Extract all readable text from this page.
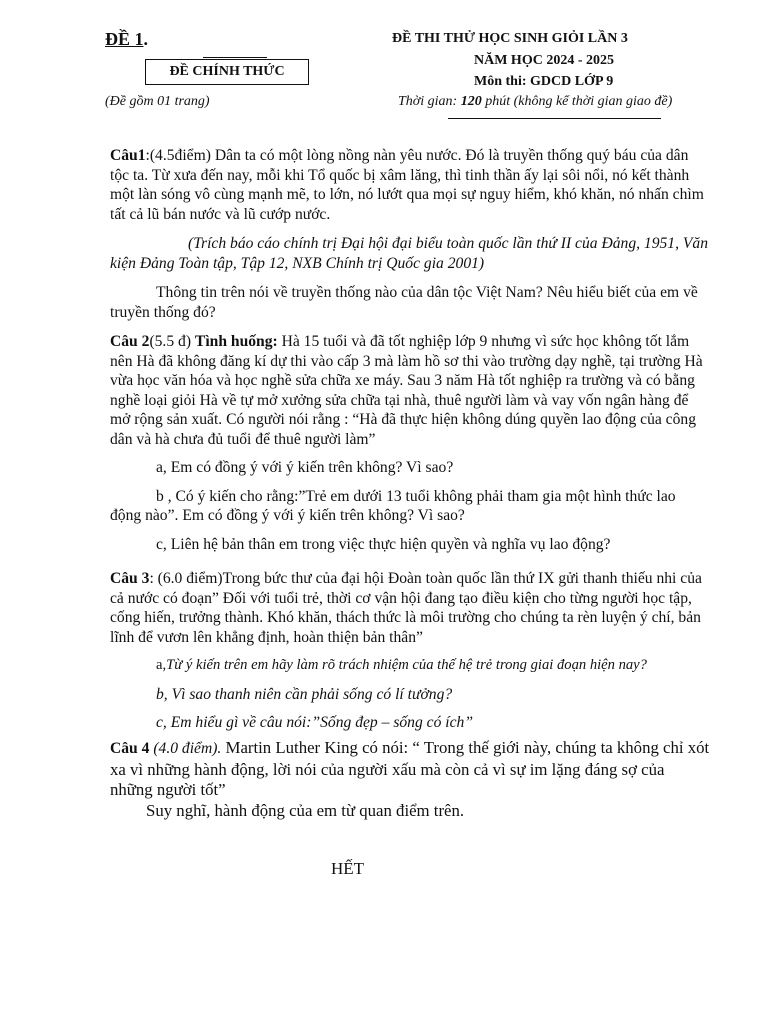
ĐỀ 1.
ĐỀ CHÍNH THỨC
(Đề gồm 01 trang)
ĐỀ THI THỬ HỌC SINH GIỎI LẦN 3
NĂM HỌC 2024 - 2025
Môn thi: GDCD LỚP 9
Thời gian: 120 phút (không kể thời gian giao đề)

Câu1:(4.5điểm) Dân ta có một lòng nồng nàn yêu nước. Đó là truyền thống quý báu của dân tộc ta. Từ xưa đến nay, mỗi khi Tổ quốc bị xâm lăng, thì tinh thần ấy lại sôi nổi, nó kết thành một làn sóng vô cùng mạnh mẽ, to lớn, nó lướt qua mọi sự nguy hiểm, khó khăn, nó nhấn chìm tất cả lũ bán nước và lũ cướp nước.

(Trích báo cáo chính trị Đại hội đại biểu toàn quốc lần thứ II của Đảng, 1951, Văn kiện Đảng Toàn tập, Tập 12, NXB Chính trị Quốc gia 2001)

Thông tin trên nói về truyền thống nào của dân tộc Việt Nam? Nêu hiểu biết của em về truyền thống đó?

Câu 2(5.5 đ) Tình huống: Hà 15 tuổi và đã tốt nghiệp lớp 9 nhưng vì sức học không tốt lắm nên Hà đã không đăng kí dự thi vào cấp 3 mà làm hồ sơ thi vào trường dạy nghề, tại trường Hà vừa học văn hóa và học nghề sửa chữa xe máy. Sau 3 năm Hà tốt nghiệp ra trường và có bằng nghề loại giỏi Hà về tự mở xưởng sửa chữa tại nhà, thuê người làm và vay vốn ngân hàng để mở rộng sản xuất. Có người nói rằng : “Hà đã thực hiện không dúng quyền lao động của công dân và hà chưa đủ tuổi để thuê người làm”

a, Em có đồng ý với ý kiến trên không? Vì sao?

b , Có ý kiến cho rằng:”Trẻ em dưới 13 tuổi không phải tham gia một hình thức lao động nào”. Em có đồng ý với ý kiến trên không? Vì sao?

c, Liên hệ bản thân em trong việc thực hiện quyền và nghĩa vụ lao động?

Câu 3: (6.0 điểm)Trong bức thư của đại hội Đoàn toàn quốc lần thứ IX gửi thanh thiếu nhi của cả nước có đoạn” Đối với tuổi trẻ, thời cơ vận hội đang tạo điều kiện cho từng người học tập, cống hiến, trưởng thành. Khó khăn, thách thức là môi trường cho chúng ta rèn luyện ý chí, bản lĩnh để vươn lên khẳng định, hoàn thiện bản thân”

a,Từ ý kiến trên em hãy làm rõ trách nhiệm của thế hệ trẻ trong giai đoạn hiện nay?

b, Vì sao thanh niên cần phải sống có lí tưởng?

c, Em hiểu gì về câu nói:”Sống đẹp – sống có ích”

Câu 4 (4.0 điểm). Martin Luther King có nói: “ Trong thế giới này, chúng ta không chỉ xót xa vì những hành động, lời nói của người xấu mà còn cả vì sự im lặng đáng sợ của những người tốt”

Suy nghĩ, hành động của em từ quan điểm trên.

HẾT
